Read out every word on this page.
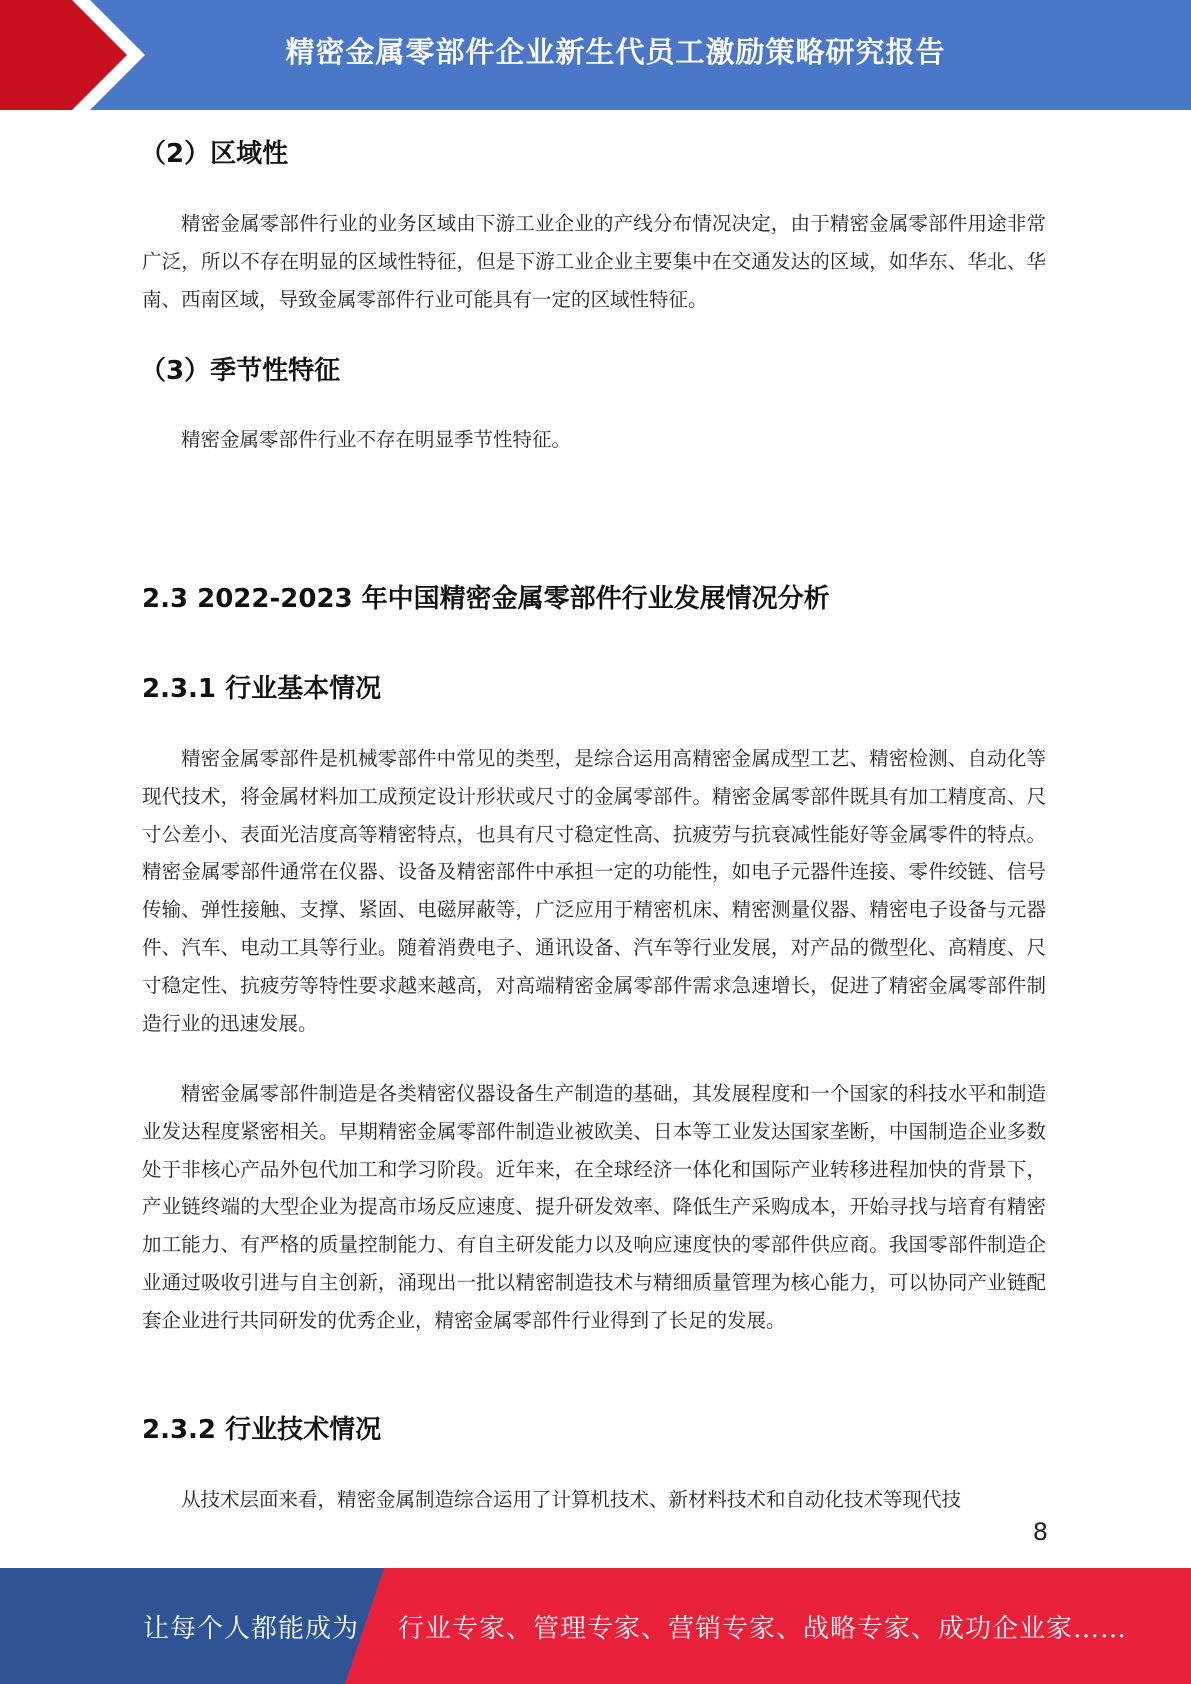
精密金属零部件企业新生代员工激励策略研究报告
（2）区域性

精密金属零部件行业的业务区域由下游工业企业的产线分布情况决定，由于精密金属零部件用途非常广泛，所以不存在明显的区域性特征，但是下游工业企业主要集中在交通发达的区域，如华东、华北、华南、西南区域，导致金属零部件行业可能具有一定的区域性特征。

（3）季节性特征

精密金属零部件行业不存在明显季节性特征。

2.3 2022-2023 年中国精密金属零部件行业发展情况分析
2.3.1 行业基本情况

精密金属零部件是机械零部件中常见的类型，是综合运用高精密金属成型工艺、精密检测、自动化等现代技术，将金属材料加工成预定设计形状或尺寸的金属零部件。精密金属零部件既具有加工精度高、尺寸公差小、表面光洁度高等精密特点，也具有尺寸稳定性高、抗疲劳与抗衰减性能好等金属零件的特点。精密金属零部件通常在仪器、设备及精密部件中承担一定的功能性，如电子元器件连接、零件绞链、信号传输、弹性接触、支撑、紧固、电磁屏蔽等，广泛应用于精密机床、精密测量仪器、精密电子设备与元器件、汽车、电动工具等行业。随着消费电子、通讯设备、汽车等行业发展，对产品的微型化、高精度、尺寸稳定性、抗疲劳等特性要求越来越高，对高端精密金属零部件需求急速增长，促进了精密金属零部件制造行业的迅速发展。

精密金属零部件制造是各类精密仪器设备生产制造的基础，其发展程度和一个国家的科技水平和制造业发达程度紧密相关。早期精密金属零部件制造业被欧美、日本等工业发达国家垄断，中国制造企业多数处于非核心产品外包代加工和学习阶段。近年来，在全球经济一体化和国际产业转移进程加快的背景下，产业链终端的大型企业为提高市场反应速度、提升研发效率、降低生产采购成本，开始寻找与培育有精密加工能力、有严格的质量控制能力、有自主研发能力以及响应速度快的零部件供应商。我国零部件制造企业通过吸收引进与自主创新，涌现出一批以精密制造技术与精细质量管理为核心能力，可以协同产业链配套企业进行共同研发的优秀企业，精密金属零部件行业得到了长足的发展。

2.3.2 行业技术情况

从技术层面来看，精密金属制造综合运用了计算机技术、新材料技术和自动化技术等现代技

8
让每个人都能成为 行业专家、管理专家、营销专家、战略专家、成功企业家……
